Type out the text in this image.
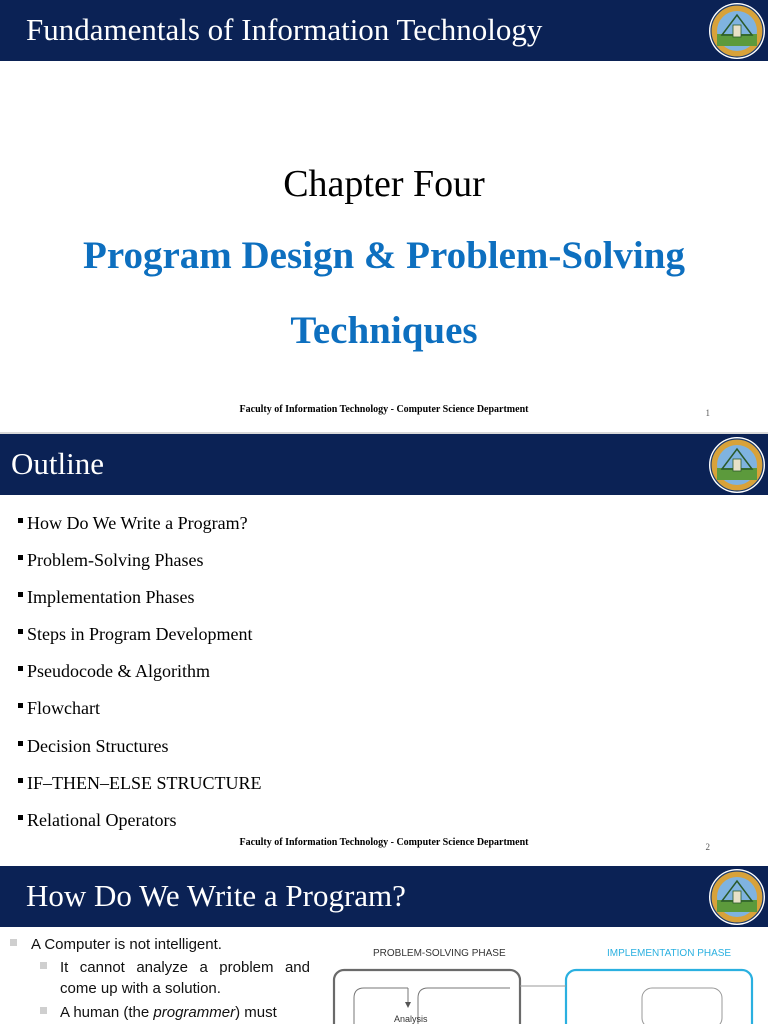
Fundamentals of Information Technology
Chapter Four
Program Design & Problem-Solving
Techniques
Faculty of Information Technology - Computer Science Department	1
Outline
How Do We Write a Program?
Problem-Solving Phases
Implementation Phases
Steps in Program Development
Pseudocode & Algorithm
Flowchart
Decision Structures
IF–THEN–ELSE STRUCTURE
Relational Operators
Faculty of Information Technology - Computer Science Department	2
How Do We Write a Program?
A Computer is not intelligent.
It cannot analyze a problem and come up with a solution.
A human (the programmer) must
PROBLEM-SOLVING PHASE	IMPLEMENTATION PHASE
Analysis
